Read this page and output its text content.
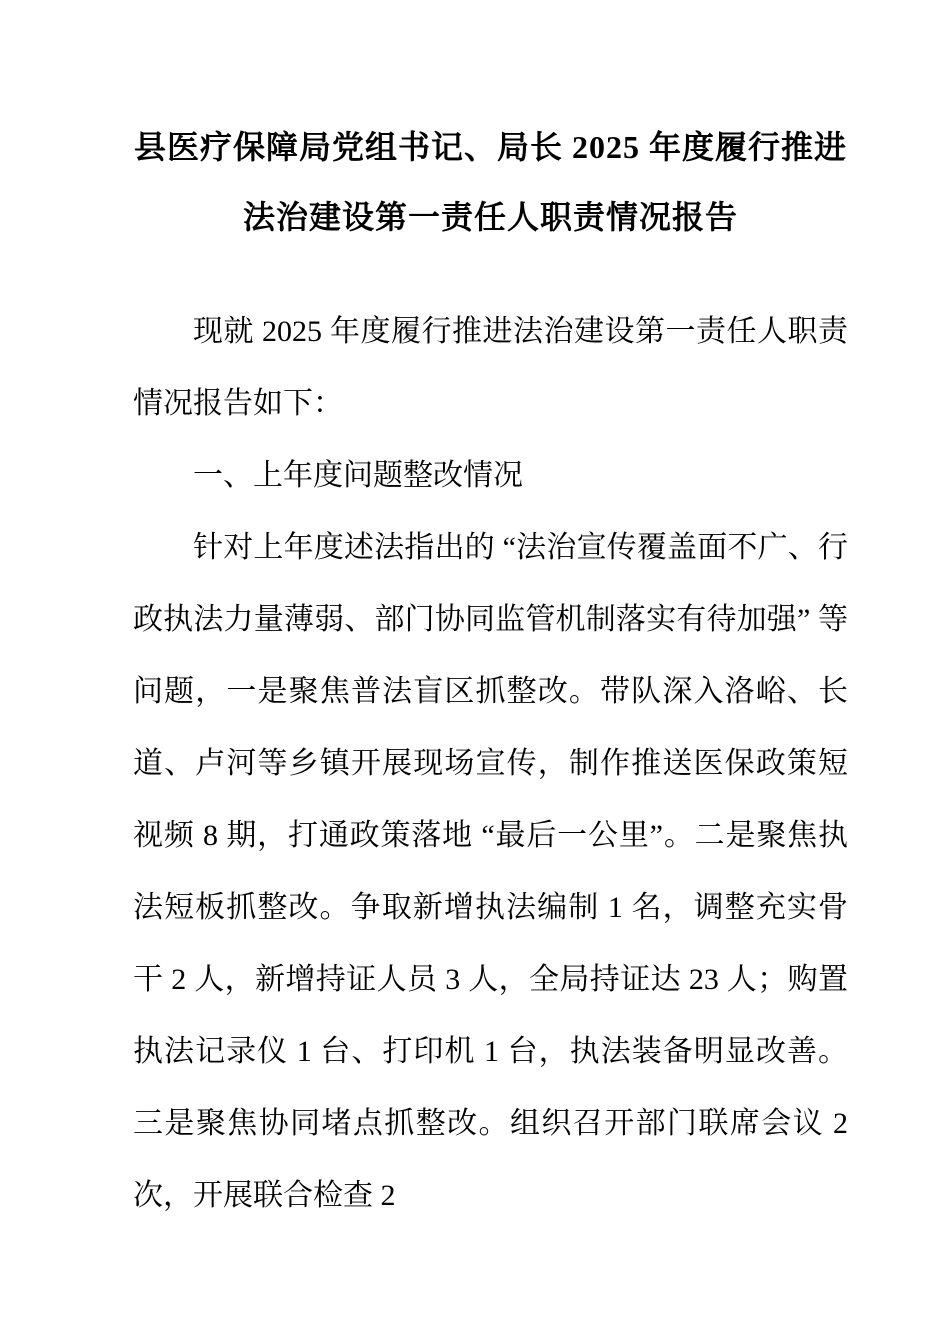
县医疗保障局党组书记、局长 2025 年度履行推进法治建设第一责任人职责情况报告

现就 2025 年度履行推进法治建设第一责任人职责情况报告如下：

一、上年度问题整改情况

针对上年度述法指出的 “法治宣传覆盖面不广、行政执法力量薄弱、部门协同监管机制落实有待加强” 等问题，一是聚焦普法盲区抓整改。带队深入洛峪、长道、卢河等乡镇开展现场宣传，制作推送医保政策短视频 8 期，打通政策落地 “最后一公里”。二是聚焦执法短板抓整改。争取新增执法编制 1 名，调整充实骨干 2 人，新增持证人员 3 人，全局持证达 23 人；购置执法记录仪 1 台、打印机 1 台，执法装备明显改善。三是聚焦协同堵点抓整改。组织召开部门联席会议 2 次，开展联合检查 2
